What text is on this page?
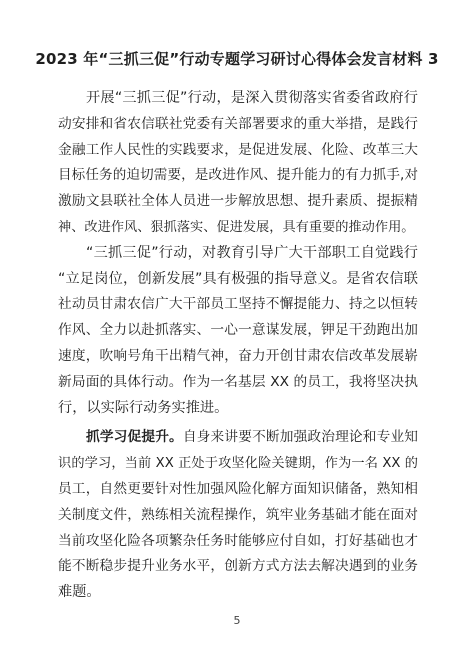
2023 年“三抓三促”行动专题学习研讨心得体会发言材料 3
开展“三抓三促”行动，是深入贯彻落实省委省政府行
动安排和省农信联社党委有关部署要求的重大举措，是践行
金融工作人民性的实践要求，是促进发展、化险、改革三大
目标任务的迫切需要，是改进作风、提升能力的有力抓手,对
激励文县联社全体人员进一步解放思想、提升素质、提振精
神、改进作风、狠抓落实、促进发展，具有重要的推动作用。
“三抓三促”行动，对教育引导广大干部职工自觉践行
“立足岗位，创新发展”具有极强的指导意义。是省农信联
社动员甘肃农信广大干部员工坚持不懈提能力、持之以恒转
作风、全力以赴抓落实、一心一意谋发展，钾足干劲跑出加
速度，吹响号角干出精气神，奋力开创甘肃农信改革发展崭
新局面的具体行动。作为一名基层 XX 的员工，我将坚决执
行，以实际行动务实推进。
抓学习促提升。自身来讲要不断加强政治理论和专业知
识的学习，当前 XX 正处于攻坚化险关键期，作为一名 XX 的
员工，自然更要针对性加强风险化解方面知识储备，熟知相
关制度文件，熟练相关流程操作，筑牢业务基础才能在面对
当前攻坚化险各项繁杂任务时能够应付自如，打好基础也才
能不断稳步提升业务水平，创新方式方法去解决遇到的业务
难题。
5
